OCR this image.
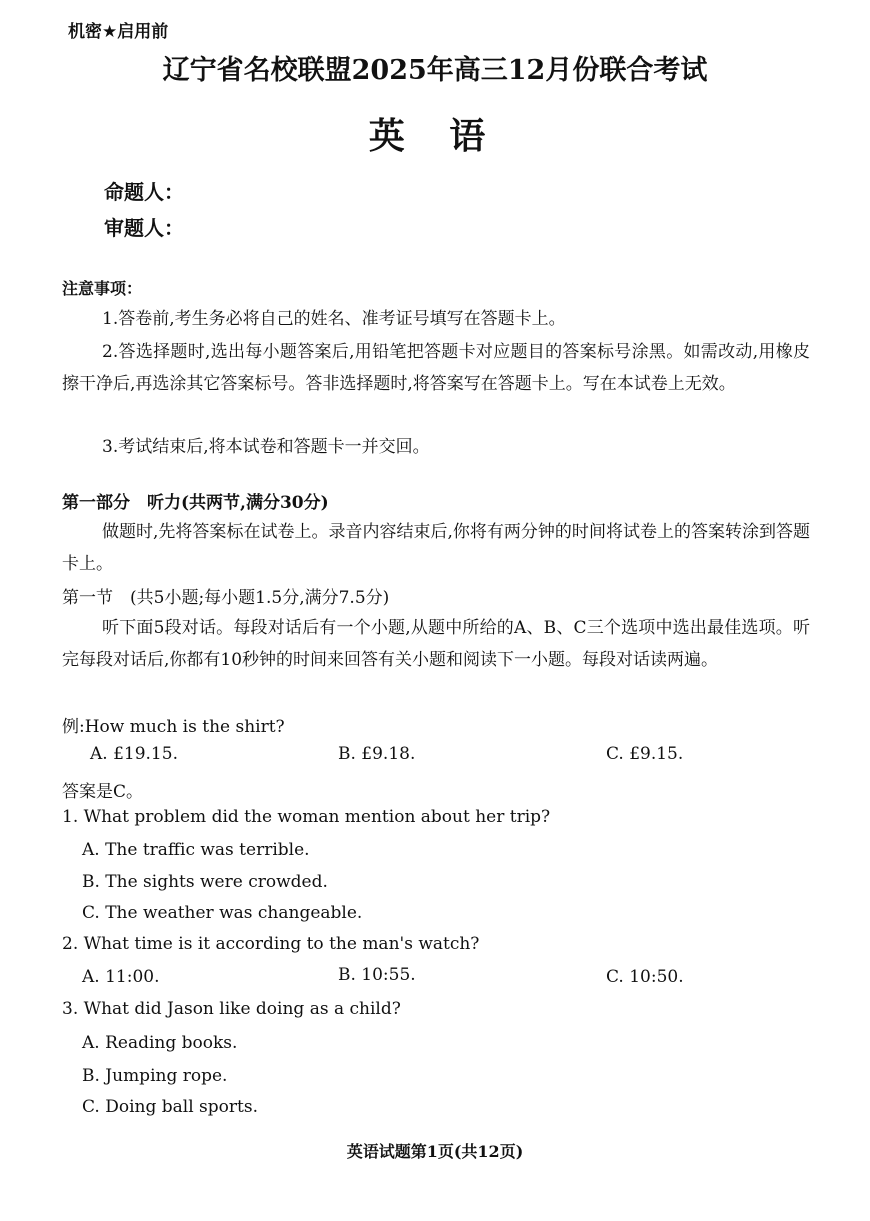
机密★启用前
辽宁省名校联盟2025年高三12月份联合考试
英 语
命题人：
审题人：
注意事项：
1.答卷前,考生务必将自己的姓名、准考证号填写在答题卡上。
2.答选择题时,选出每小题答案后,用铅笔把答题卡对应题目的答案标号涂黑。如需改动,用橡皮擦干净后,再选涂其它答案标号。答非选择题时,将答案写在答题卡上。写在本试卷上无效。
3.考试结束后,将本试卷和答题卡一并交回。
第一部分　听力(共两节,满分30分)
做题时,先将答案标在试卷上。录音内容结束后,你将有两分钟的时间将试卷上的答案转涂到答题卡上。
第一节　(共5小题;每小题1.5分,满分7.5分)
听下面5段对话。每段对话后有一个小题,从题中所给的A、B、C三个选项中选出最佳选项。听完每段对话后,你都有10秒钟的时间来回答有关小题和阅读下一小题。每段对话读两遍。
例:How much is the shirt?
A. £19.15.	B. £9.18.	C. £9.15.
答案是C。
1. What problem did the woman mention about her trip?
A. The traffic was terrible.
B. The sights were crowded.
C. The weather was changeable.
2. What time is it according to the man's watch?
A. 11:00.	B. 10:55.	C. 10:50.
3. What did Jason like doing as a child?
A. Reading books.
B. Jumping rope.
C. Doing ball sports.
英语试题第1页(共12页)
